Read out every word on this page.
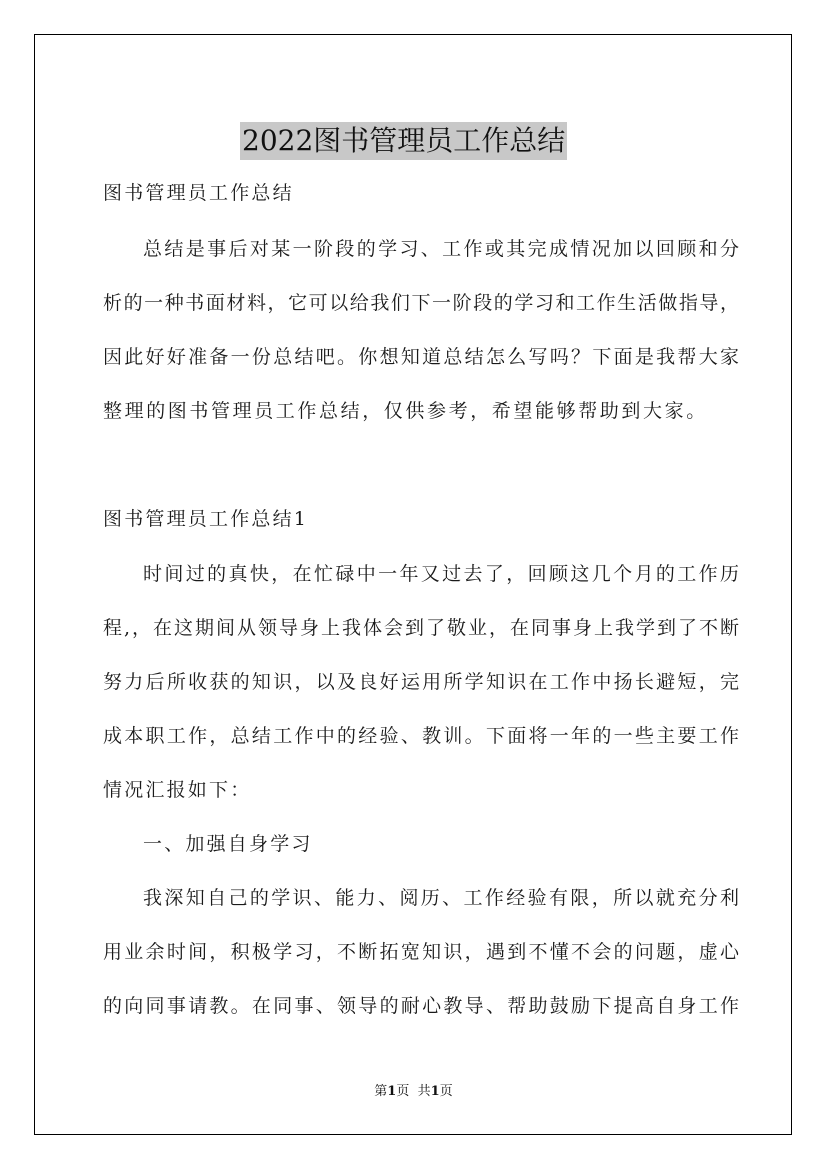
2022图书管理员工作总结
图书管理员工作总结
总结是事后对某一阶段的学习、工作或其完成情况加以回顾和分
析的一种书面材料，它可以给我们下一阶段的学习和工作生活做指导，
因此好好准备一份总结吧。你想知道总结怎么写吗？下面是我帮大家
整理的图书管理员工作总结，仅供参考，希望能够帮助到大家。
图书管理员工作总结1
时间过的真快，在忙碌中一年又过去了，回顾这几个月的工作历
程,，在这期间从领导身上我体会到了敬业，在同事身上我学到了不断
努力后所收获的知识，以及良好运用所学知识在工作中扬长避短，完
成本职工作，总结工作中的经验、教训。下面将一年的一些主要工作
情况汇报如下：
一、加强自身学习
我深知自己的学识、能力、阅历、工作经验有限，所以就充分利
用业余时间，积极学习，不断拓宽知识，遇到不懂不会的问题，虚心
的向同事请教。在同事、领导的耐心教导、帮助鼓励下提高自身工作
第1页 共1页
